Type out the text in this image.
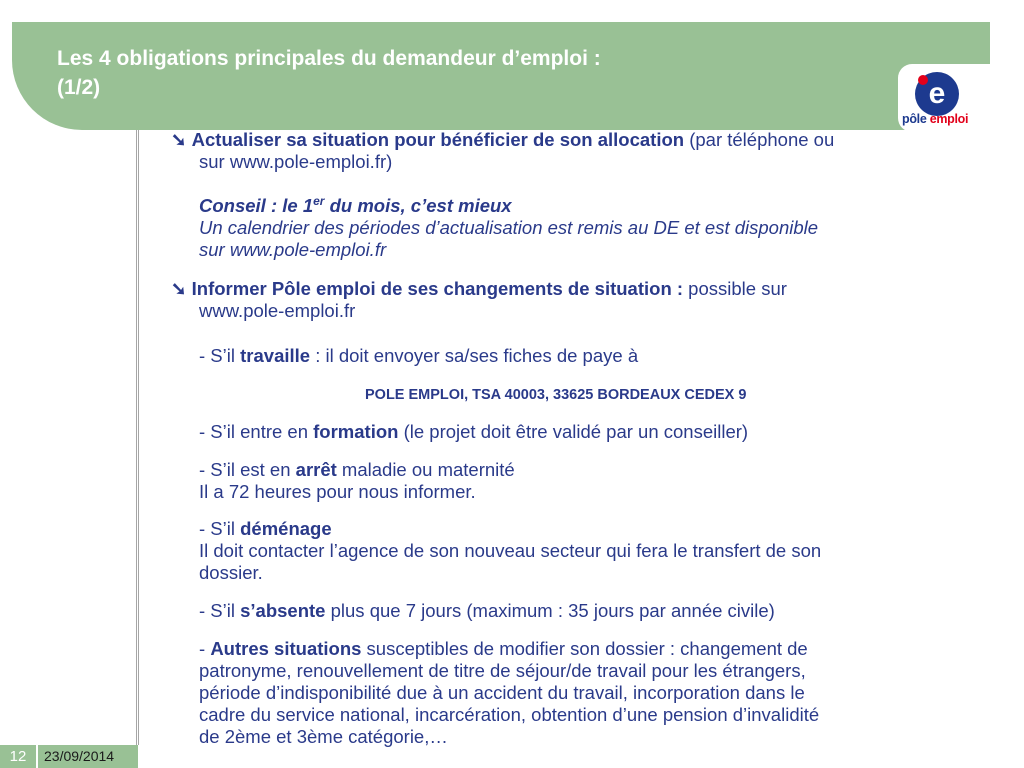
Les 4 obligations principales du demandeur d’emploi :
(1/2)	e
pôle emploi
➘ Actualiser sa situation pour bénéficier de son allocation (par téléphone ou
sur www.pole-emploi.fr)
Conseil : le 1er du mois, c’est mieux
Un calendrier des périodes d’actualisation est remis au DE et est disponible
sur www.pole-emploi.fr
➘ Informer Pôle emploi de ses changements de situation : possible sur
www.pole-emploi.fr
- S’il travaille : il doit envoyer sa/ses fiches de paye à
POLE EMPLOI, TSA 40003, 33625 BORDEAUX CEDEX 9
- S’il entre en formation (le projet doit être validé par un conseiller)
- S’il est en arrêt maladie ou maternité
Il a 72 heures pour nous informer.
- S’il déménage
Il doit contacter l’agence de son nouveau secteur qui fera le transfert de son
dossier.
- S’il s’absente plus que 7 jours (maximum : 35 jours par année civile)
- Autres situations susceptibles de modifier son dossier : changement de
patronyme, renouvellement de titre de séjour/de travail pour les étrangers,
période d’indisponibilité due à un accident du travail, incorporation dans le
cadre du service national, incarcération, obtention d’une pension d’invalidité
de 2ème et 3ème catégorie,…
12	23/09/2014
